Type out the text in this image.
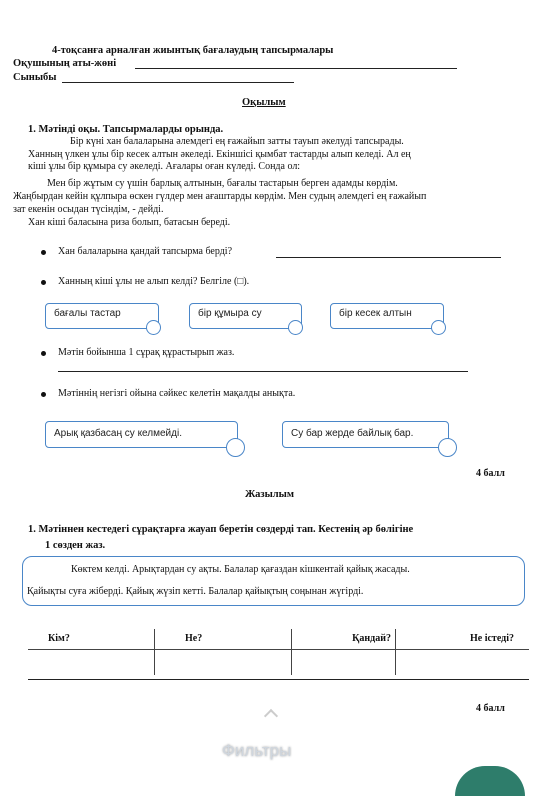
4-тоқсанға арналған жиынтық бағалаудың тапсырмалары
Оқушының аты-жөні
Сыныбы
Оқылым
1. Мәтінді оқы. Тапсырмаларды орында.
Бір күні хан балаларына әлемдегі ең ғажайып затты тауып әкелуді тапсырады.
Ханның үлкен ұлы бір кесек алтын әкеледі. Екіншісі қымбат тастарды алып келеді. Ал ең
кіші ұлы бір құмыра су әкеледі. Ағалары оған күледі. Сонда ол:
Мен бір жұтым су үшін барлық алтынын, бағалы тастарын берген адамды көрдім.
Жаңбырдан кейін құлпыра өскен гүлдер мен ағаштарды көрдім. Мен судың әлемдегі ең ғажайып
зат екенін осыдан түсіндім, - дейді.
Хан кіші баласына риза болып, батасын береді.
Хан балаларына қандай тапсырма берді?
Ханның кіші ұлы не алып келді? Белгіле (□).
бағалы тастар	бір құмыра су	бір кесек алтын
Мәтін бойынша 1 сұрақ құрастырып жаз.
Мәтіннің негізгі ойына сәйкес келетін мақалды анықта.
Арық қазбасаң су келмейді.	Су бар жерде байлық бар.
4 балл
Жазылым
1. Мәтіннен кестедегі сұрақтарға жауап беретін сөздерді тап. Кестенің әр бөлігіне
1 сөзден жаз.
Көктем келді. Арықтардан су ақты. Балалар қағаздан кішкентай қайық жасады.
Қайықты суға жіберді. Қайық жүзіп кетті. Балалар қайықтың соңынан жүгірді.
Кім?	Не?	Қандай?	Не істеді?

4 балл
Фильтры
